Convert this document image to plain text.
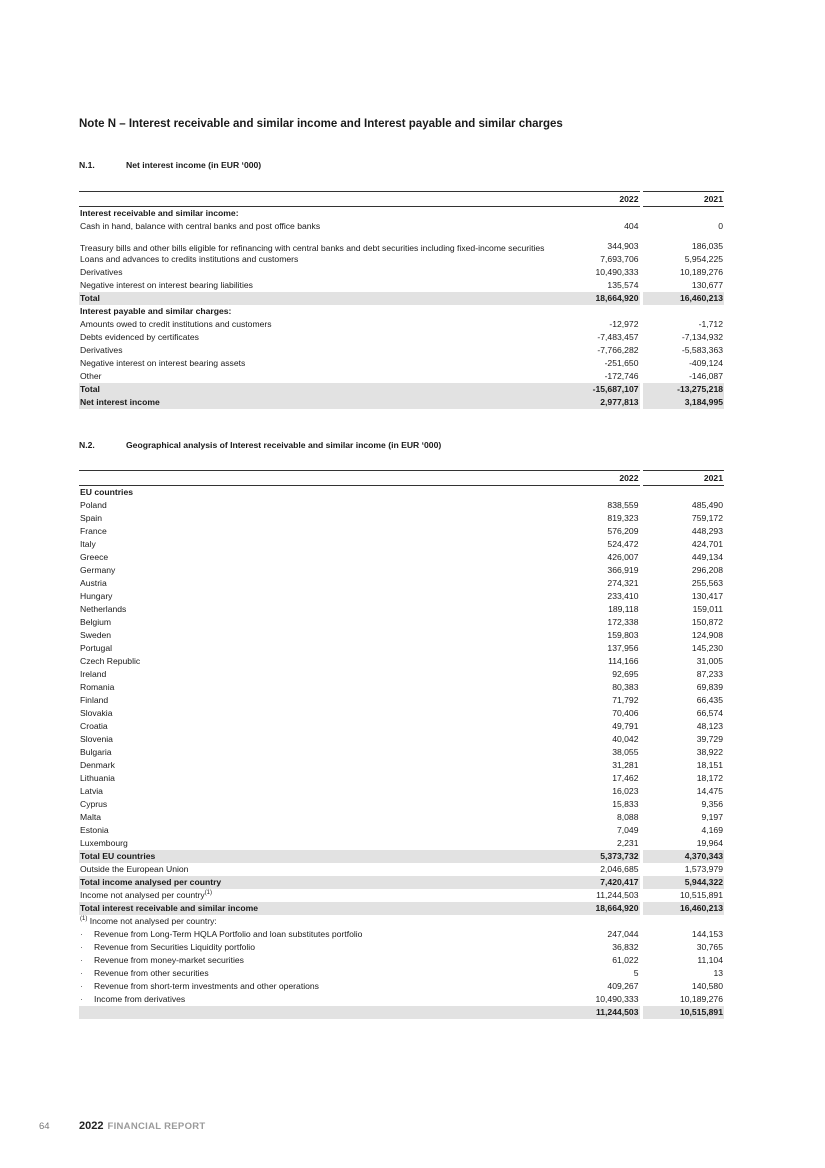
Note N – Interest receivable and similar income and Interest payable and similar charges
N.1.	Net interest income (in EUR ‘000)
	2022	2021
Interest receivable and similar income:		
Cash in hand, balance with central banks and post office banks	404	0
Treasury bills and other bills eligible for refinancing with central banks and debt securities including fixed-income securities	344,903	186,035
Loans and advances to credits institutions and customers	7,693,706	5,954,225
Derivatives	10,490,333	10,189,276
Negative interest on interest bearing liabilities	135,574	130,677
Total	18,664,920	16,460,213
Interest payable and similar charges:		
Amounts owed to credit institutions and customers	-12,972	-1,712
Debts evidenced by certificates	-7,483,457	-7,134,932
Derivatives	-7,766,282	-5,583,363
Negative interest on interest bearing assets	-251,650	-409,124
Other	-172,746	-146,087
Total	-15,687,107	-13,275,218
Net interest income	2,977,813	3,184,995
N.2.	Geographical analysis of Interest receivable and similar income (in EUR ‘000)
	2022	2021
EU countries		
Poland	838,559	485,490
Spain	819,323	759,172
France	576,209	448,293
Italy	524,472	424,701
Greece	426,007	449,134
Germany	366,919	296,208
Austria	274,321	255,563
Hungary	233,410	130,417
Netherlands	189,118	159,011
Belgium	172,338	150,872
Sweden	159,803	124,908
Portugal	137,956	145,230
Czech Republic	114,166	31,005
Ireland	92,695	87,233
Romania	80,383	69,839
Finland	71,792	66,435
Slovakia	70,406	66,574
Croatia	49,791	48,123
Slovenia	40,042	39,729
Bulgaria	38,055	38,922
Denmark	31,281	18,151
Lithuania	17,462	18,172
Latvia	16,023	14,475
Cyprus	15,833	9,356
Malta	8,088	9,197
Estonia	7,049	4,169
Luxembourg	2,231	19,964
Total EU countries	5,373,732	4,370,343
Outside the European Union	2,046,685	1,573,979
Total income analysed per country	7,420,417	5,944,322
Income not analysed per country$^{(1)}$	11,244,503	10,515,891
Total interest receivable and similar income	18,664,920	16,460,213
$^{(1)}$ Income not analysed per country:		
· Revenue from Long-Term HQLA Portfolio and loan substitutes portfolio	247,044	144,153
· Revenue from Securities Liquidity portfolio	36,832	30,765
· Revenue from money-market securities	61,022	11,104
· Revenue from other securities	5	13
· Revenue from short-term investments and other operations	409,267	140,580
· Income from derivatives	10,490,333	10,189,276
	11,244,503	10,515,891
64	2022 FINANCIAL REPORT
